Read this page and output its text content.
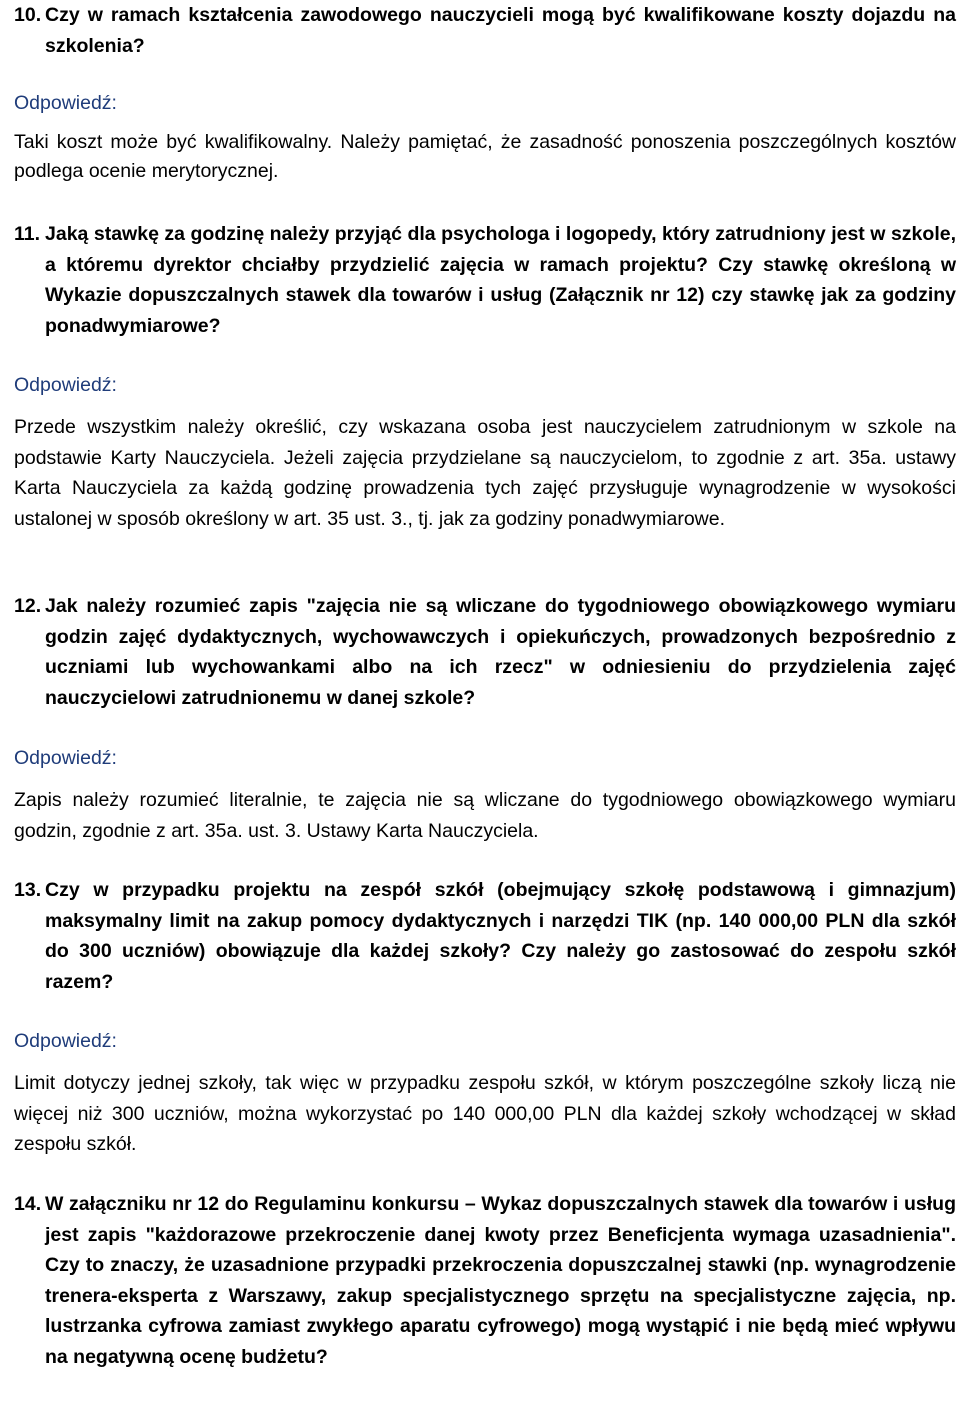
10. Czy w ramach kształcenia zawodowego nauczycieli mogą być kwalifikowane koszty dojazdu na szkolenia?
Odpowiedź:
Taki koszt może być kwalifikowalny. Należy pamiętać, że zasadność ponoszenia poszczególnych kosztów podlega ocenie merytorycznej.
11. Jaką stawkę za godzinę należy przyjąć dla psychologa i logopedy, który zatrudniony jest w szkole, a któremu dyrektor chciałby przydzielić zajęcia w ramach projektu? Czy stawkę określoną w Wykazie dopuszczalnych stawek dla towarów i usług (Załącznik nr 12) czy stawkę jak za godziny ponadwymiarowe?
Odpowiedź:
Przede wszystkim należy określić, czy wskazana osoba jest nauczycielem zatrudnionym w szkole na podstawie Karty Nauczyciela. Jeżeli zajęcia przydzielane są nauczycielom, to zgodnie z art. 35a. ustawy Karta Nauczyciela za każdą godzinę prowadzenia tych zajęć przysługuje wynagrodzenie w wysokości ustalonej w sposób określony w art. 35 ust. 3., tj. jak za godziny ponadwymiarowe.
12. Jak należy rozumieć zapis "zajęcia nie są wliczane do tygodniowego obowiązkowego wymiaru godzin zajęć dydaktycznych, wychowawczych i opiekuńczych, prowadzonych bezpośrednio z uczniami lub wychowankami albo na ich rzecz" w odniesieniu do przydzielenia zajęć nauczycielowi zatrudnionemu w danej szkole?
Odpowiedź:
Zapis należy rozumieć literalnie, te zajęcia nie są wliczane do tygodniowego obowiązkowego wymiaru godzin, zgodnie z art. 35a. ust. 3. Ustawy Karta Nauczyciela.
13. Czy w przypadku projektu na zespół szkół (obejmujący szkołę podstawową i gimnazjum) maksymalny limit na zakup pomocy dydaktycznych i narzędzi TIK (np. 140 000,00 PLN dla szkół do 300 uczniów) obowiązuje dla każdej szkoły? Czy należy go zastosować do zespołu szkół razem?
Odpowiedź:
Limit dotyczy jednej szkoły, tak więc w przypadku zespołu szkół, w którym poszczególne szkoły liczą nie więcej niż 300 uczniów, można wykorzystać po 140 000,00 PLN dla każdej szkoły wchodzącej w skład zespołu szkół.
14. W załączniku nr 12 do Regulaminu konkursu – Wykaz dopuszczalnych stawek dla towarów i usług jest zapis "każdorazowe przekroczenie danej kwoty przez Beneficjenta wymaga uzasadnienia". Czy to znaczy, że uzasadnione przypadki przekroczenia dopuszczalnej stawki (np. wynagrodzenie trenera-eksperta z Warszawy, zakup specjalistycznego sprzętu na specjalistyczne zajęcia, np. lustrzanka cyfrowa zamiast zwykłego aparatu cyfrowego) mogą wystąpić i nie będą mieć wpływu na negatywną ocenę budżetu?
